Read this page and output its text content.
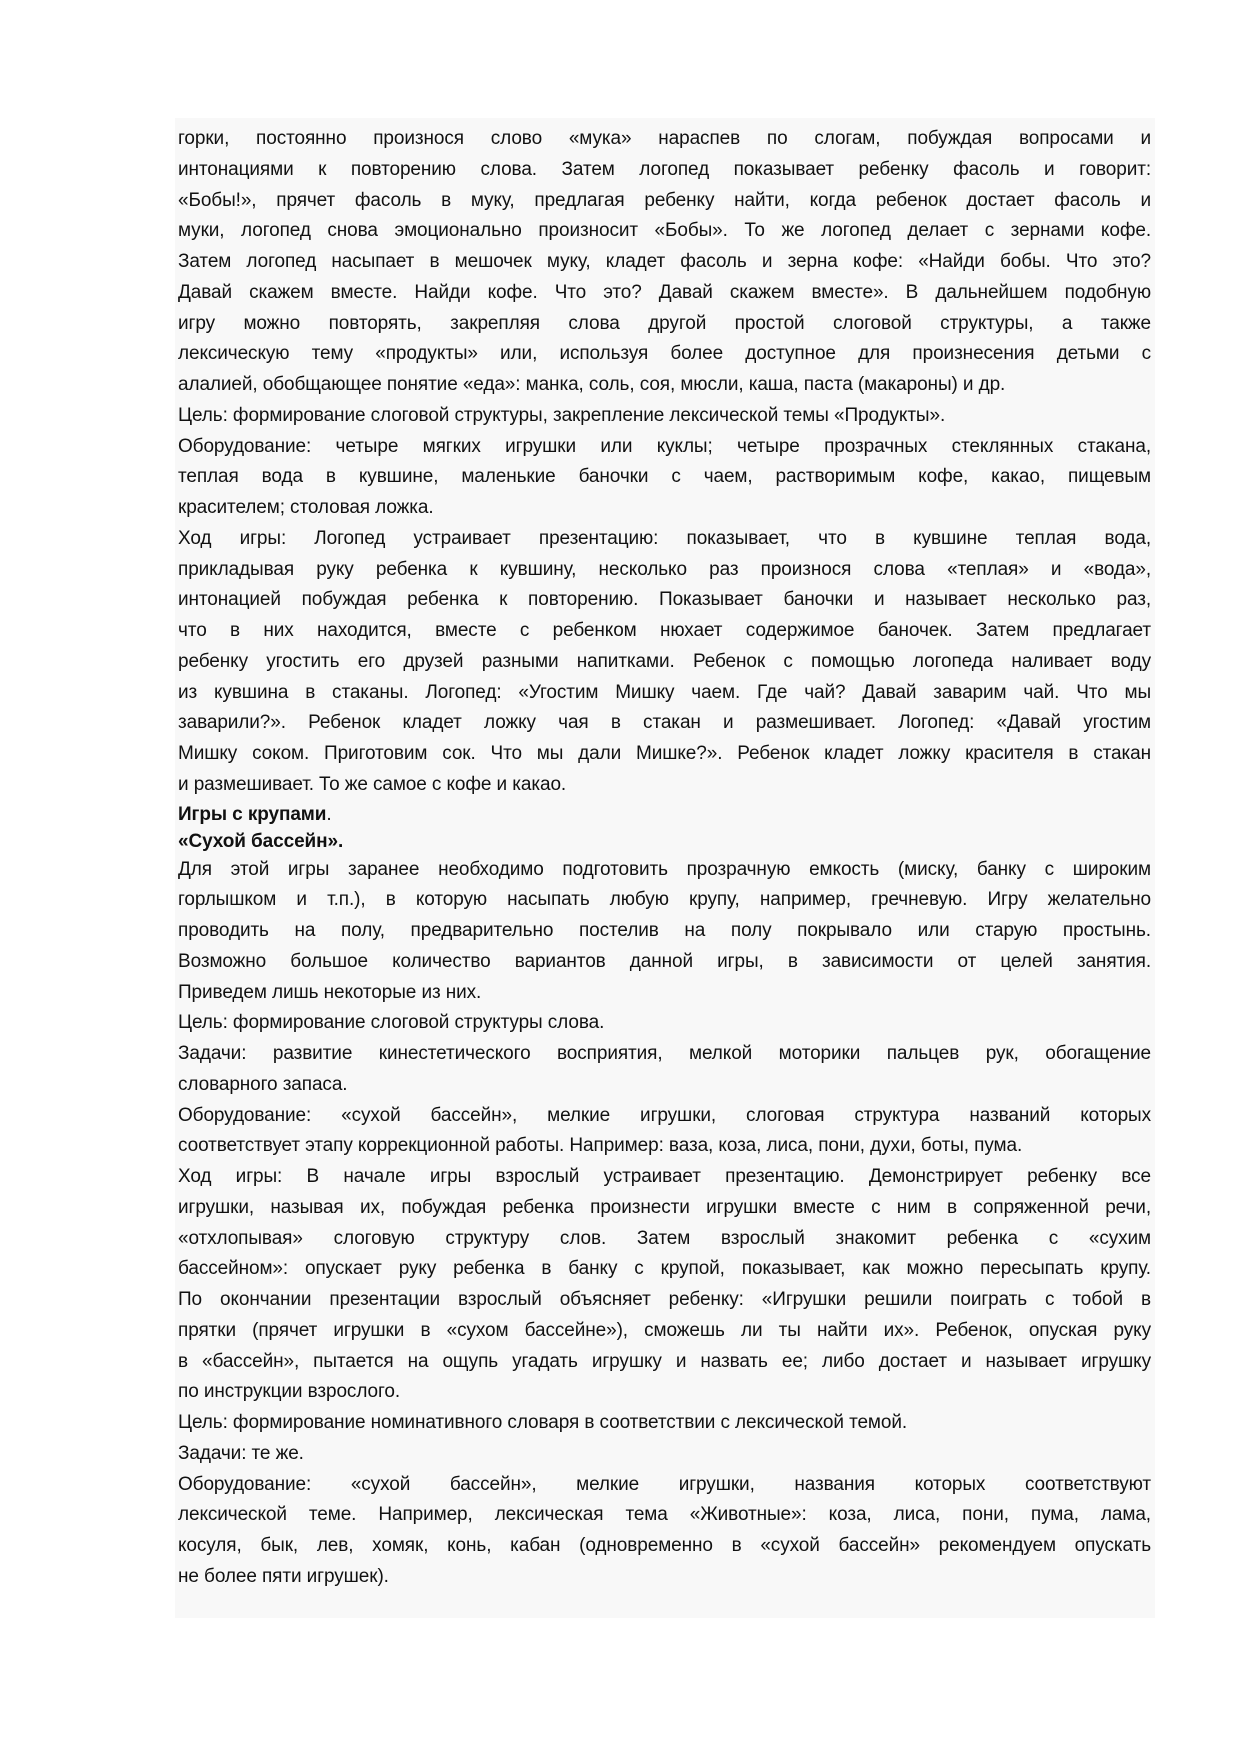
горки, постоянно произнося слово «мука» нараспев по слогам, побуждая вопросами и
интонациями к повторению слова. Затем логопед показывает ребенку фасоль и говорит:
«Бобы!», прячет фасоль в муку, предлагая ребенку найти, когда ребенок достает фасоль и
муки, логопед снова эмоционально произносит «Бобы». То же логопед делает с зернами кофе.
Затем логопед насыпает в мешочек муку, кладет фасоль и зерна кофе: «Найди бобы. Что это?
Давай скажем вместе. Найди кофе. Что это? Давай скажем вместе». В дальнейшем подобную
игру можно повторять, закрепляя слова другой простой слоговой структуры, а также
лексическую тему «продукты» или, используя более доступное для произнесения детьми с
алалией, обобщающее понятие «еда»: манка, соль, соя, мюсли, каша, паста (макароны) и др.
Цель: формирование слоговой структуры, закрепление лексической темы «Продукты».
Оборудование: четыре мягких игрушки или куклы; четыре прозрачных стеклянных стакана,
теплая вода в кувшине, маленькие баночки с чаем, растворимым кофе, какао, пищевым
красителем; столовая ложка.
Ход игры: Логопед устраивает презентацию: показывает, что в кувшине теплая вода,
прикладывая руку ребенка к кувшину, несколько раз произнося слова «теплая» и «вода»,
интонацией побуждая ребенка к повторению. Показывает баночки и называет несколько раз,
что в них находится, вместе с ребенком нюхает содержимое баночек. Затем предлагает
ребенку угостить его друзей разными напитками. Ребенок с помощью логопеда наливает воду
из кувшина в стаканы. Логопед: «Угостим Мишку чаем. Где чай? Давай заварим чай. Что мы
заварили?». Ребенок кладет ложку чая в стакан и размешивает. Логопед: «Давай угостим
Мишку соком. Приготовим сок. Что мы дали Мишке?». Ребенок кладет ложку красителя в стакан
и размешивает. То же самое с кофе и какао.
Игры с крупами.
«Сухой бассейн».
Для этой игры заранее необходимо подготовить прозрачную емкость (миску, банку с широким
горлышком и т.п.), в которую насыпать любую крупу, например, гречневую. Игру желательно
проводить на полу, предварительно постелив на полу покрывало или старую простынь.
Возможно большое количество вариантов данной игры, в зависимости от целей занятия.
Приведем лишь некоторые из них.
Цель: формирование слоговой структуры слова.
Задачи: развитие кинестетического восприятия, мелкой моторики пальцев рук, обогащение
словарного запаса.
Оборудование: «сухой бассейн», мелкие игрушки, слоговая структура названий которых
соответствует этапу коррекционной работы. Например: ваза, коза, лиса, пони, духи, боты, пума.
Ход игры: В начале игры взрослый устраивает презентацию. Демонстрирует ребенку все
игрушки, называя их, побуждая ребенка произнести игрушки вместе с ним в сопряженной речи,
«отхлопывая» слоговую структуру слов. Затем взрослый знакомит ребенка с «сухим
бассейном»: опускает руку ребенка в банку с крупой, показывает, как можно пересыпать крупу.
По окончании презентации взрослый объясняет ребенку: «Игрушки решили поиграть с тобой в
прятки (прячет игрушки в «сухом бассейне»), сможешь ли ты найти их». Ребенок, опуская руку
в «бассейн», пытается на ощупь угадать игрушку и назвать ее; либо достает и называет игрушку
по инструкции взрослого.
Цель: формирование номинативного словаря в соответствии с лексической темой.
Задачи: те же.
Оборудование: «сухой бассейн», мелкие игрушки, названия которых соответствуют
лексической теме. Например, лексическая тема «Животные»: коза, лиса, пони, пума, лама,
косуля, бык, лев, хомяк, конь, кабан (одновременно в «сухой бассейн» рекомендуем опускать
не более пяти игрушек).
